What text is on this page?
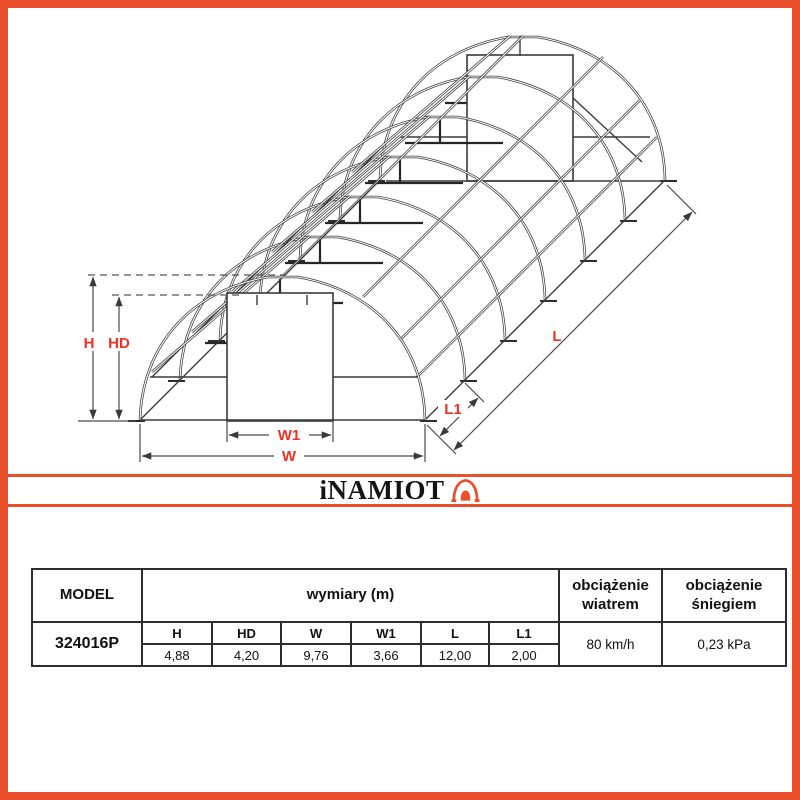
H HD
W1
W
L
L1
iNAMIOT
MODEL	wymiary (m)						obciążenie wiatrem	obciążenie śniegiem
324016P	H	HD	W	W1	L	L1	80 km/h	0,23 kPa
	4,88	4,20	9,76	3,66	12,00	2,00		
